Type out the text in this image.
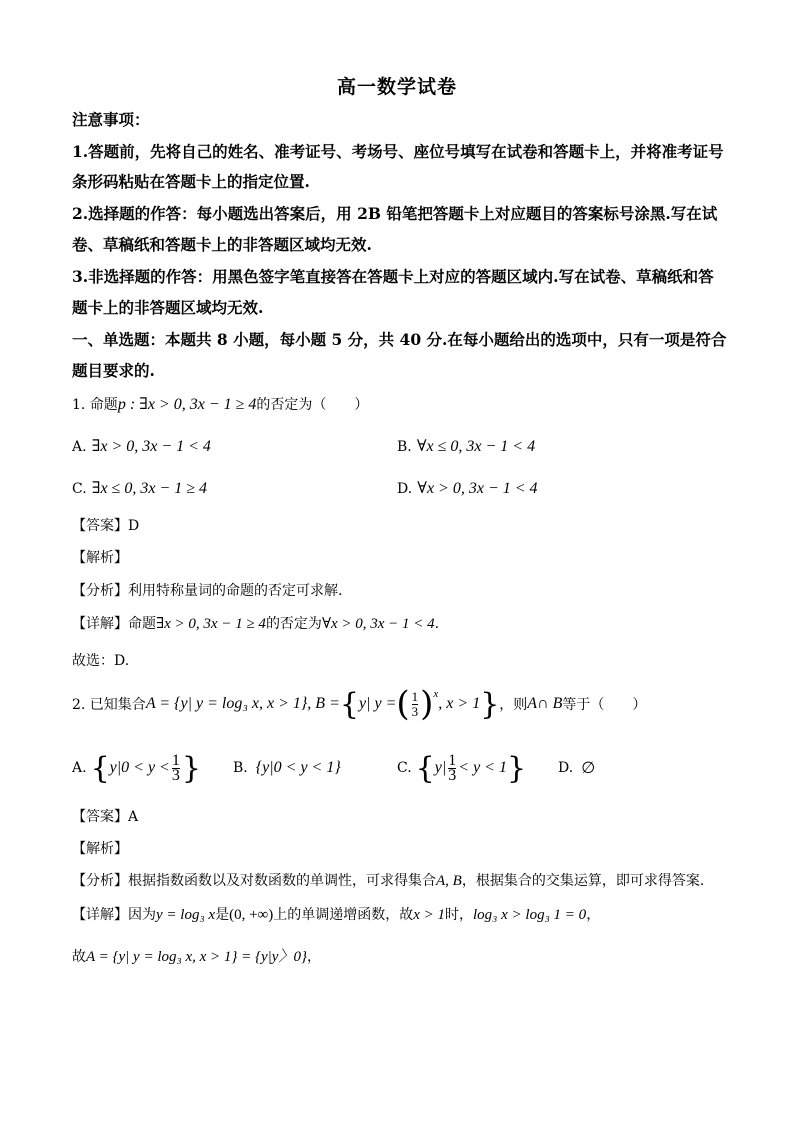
高一数学试卷
注意事项：
1.答题前，先将自己的姓名、准考证号、考场号、座位号填写在试卷和答题卡上，并将准考证号
条形码粘贴在答题卡上的指定位置.
2.选择题的作答：每小题选出答案后，用 2B 铅笔把答题卡上对应题目的答案标号涂黑.写在试
卷、草稿纸和答题卡上的非答题区域均无效.
3.非选择题的作答：用黑色签字笔直接答在答题卡上对应的答题区域内.写在试卷、草稿纸和答
题卡上的非答题区域均无效.
一、单选题：本题共 8 小题，每小题 5 分，共 40 分.在每小题给出的选项中，只有一项是符合
题目要求的.
1. 命题p : ∃x > 0, 3x − 1 ≥ 4的否定为（　　）
A. ∃x > 0, 3x − 1 < 4	B. ∀x ≤ 0, 3x − 1 < 4
C. ∃x ≤ 0, 3x − 1 ≥ 4	D. ∀x > 0, 3x − 1 < 4
【答案】D
【解析】
【分析】利用特称量词的命题的否定可求解.
【详解】命题∃x > 0, 3x − 1 ≥ 4的否定为∀x > 0, 3x − 1 < 4.
故选：D.
2. 已知集合 A = {y| y = log₃ x, x > 1}, B = { y| y = ( $\frac{1}{3} )^x$
, x > 1 } ，则 A∩ B 等于（　　）
A. { $y|0 < y < \frac{1}{3}$ } B. {y|0 < y < 1}	C. { $y| \frac{1}{3} < y < 1$ } D. ∅
【答案】A
【解析】
【分析】根据指数函数以及对数函数的单调性，可求得集合A, B，根据集合的交集运算，即可求得答案.
【详解】因为y = log₃ x是(0, +∞)上的单调递增函数，故x > 1时，log₃ x > log₃ 1 = 0，
故A = {y| y = log₃ x, x > 1} = {y|y〉0}，
